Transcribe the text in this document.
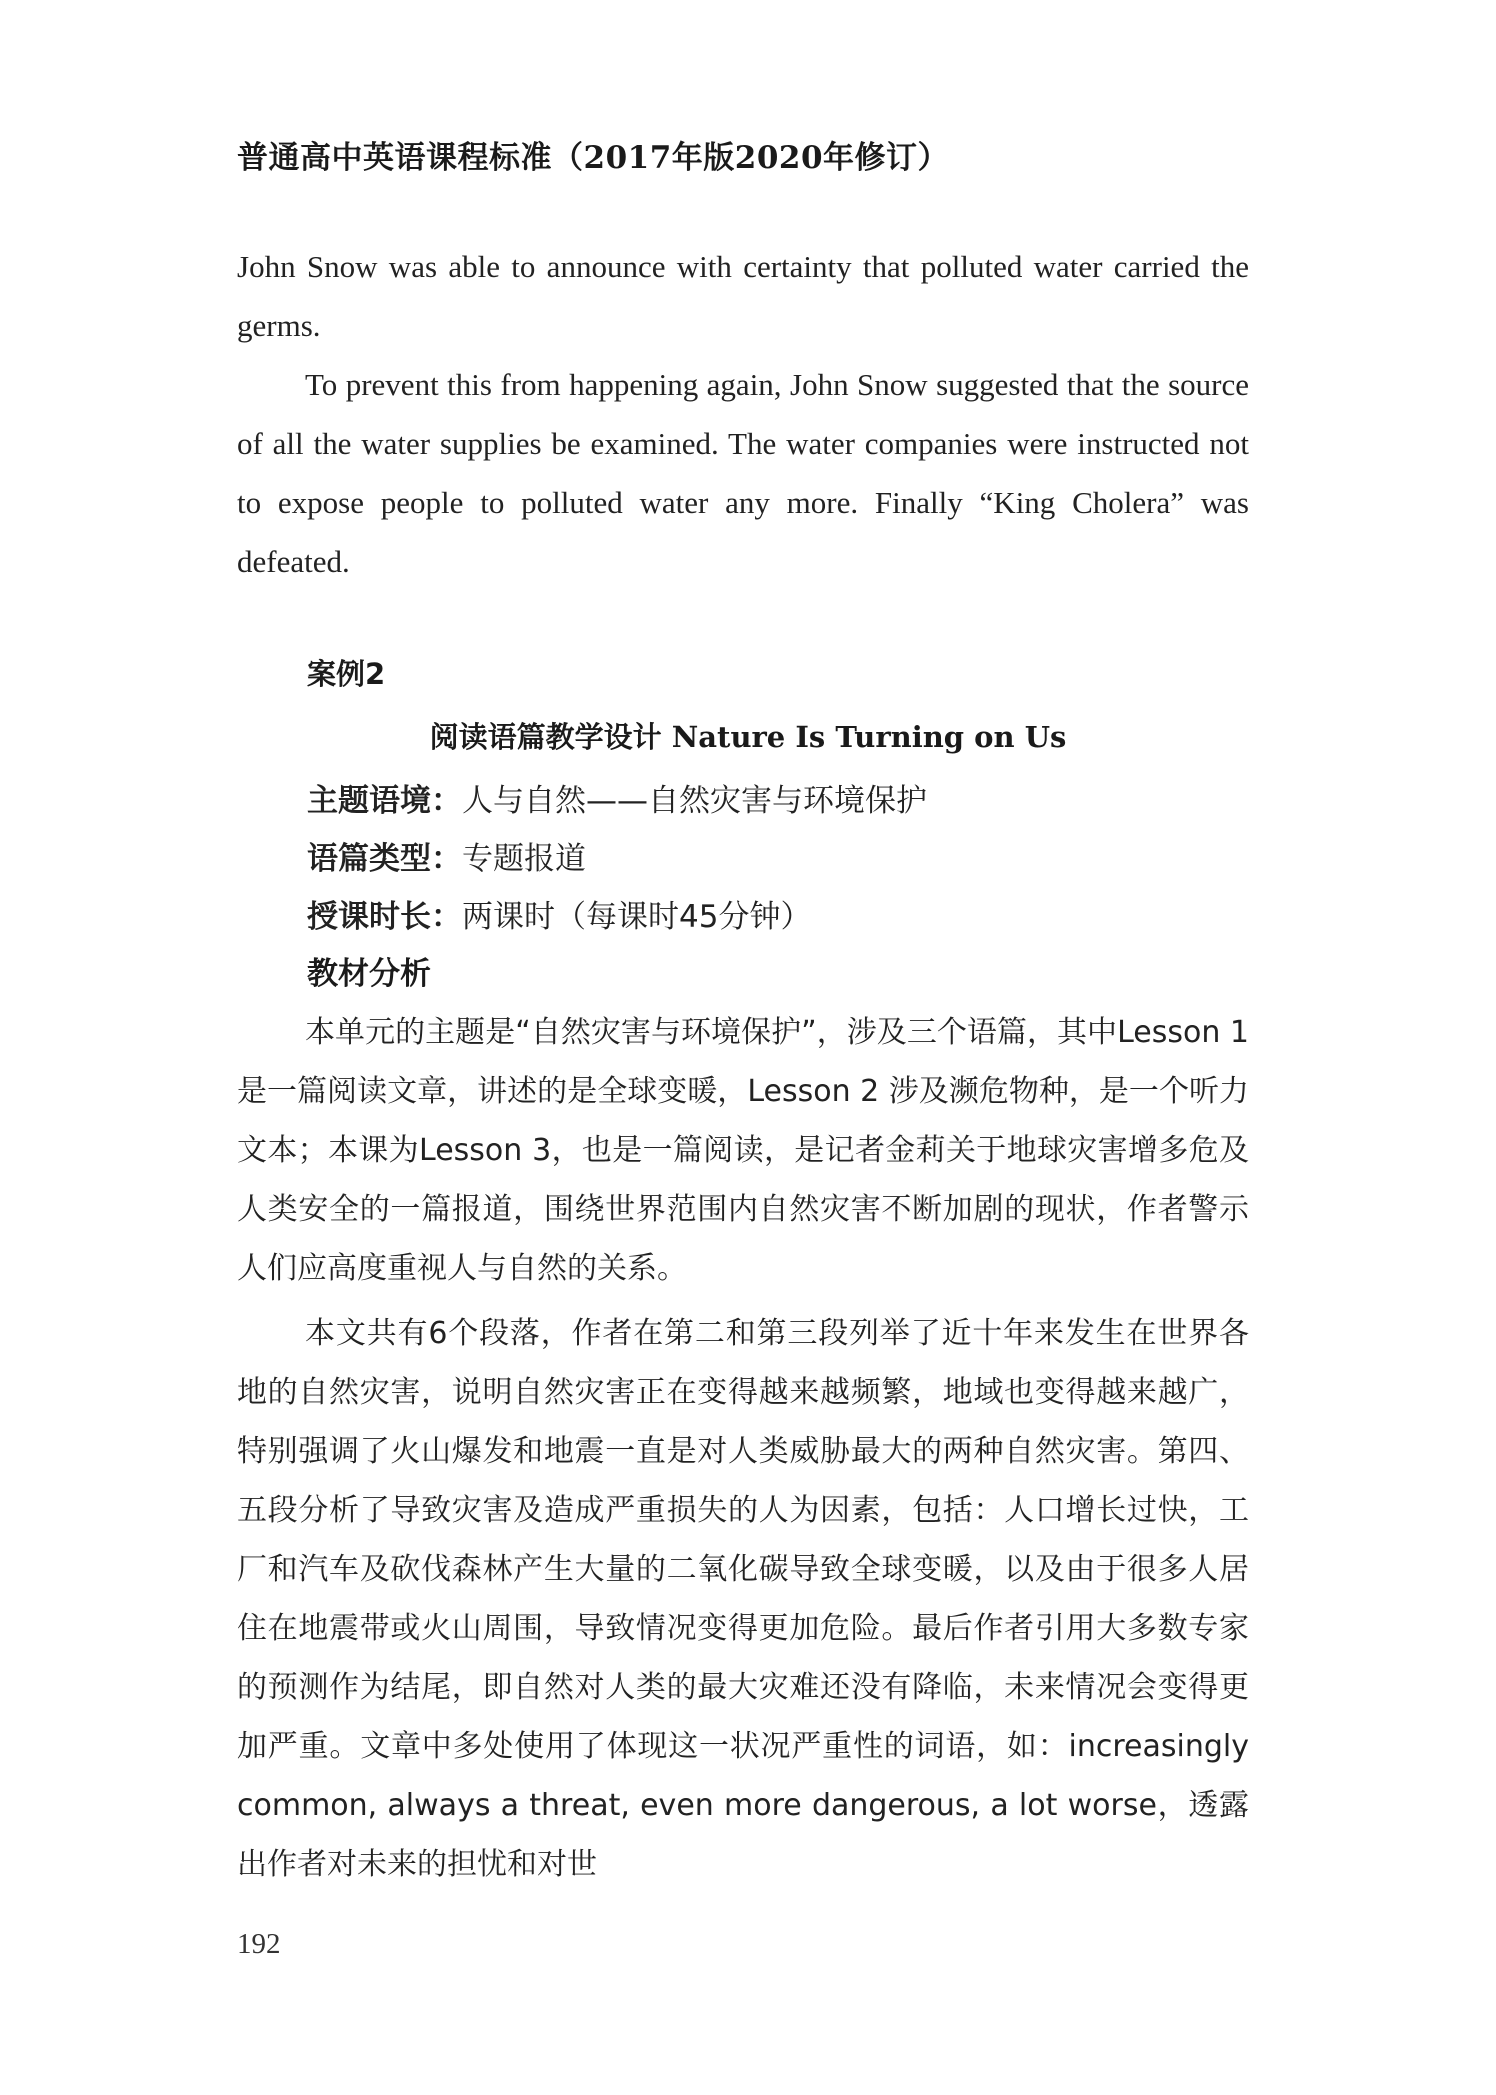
普通高中英语课程标准（2017年版2020年修订）

John Snow was able to announce with certainty that polluted water carried the germs.

To prevent this from happening again, John Snow suggested that the source of all the water supplies be examined. The water companies were instructed not to expose people to polluted water any more. Finally “King Cholera” was defeated.

案例2
阅读语篇教学设计 Nature Is Turning on Us
主题语境：人与自然——自然灾害与环境保护
语篇类型：专题报道
授课时长：两课时（每课时45分钟）
教材分析

本单元的主题是“自然灾害与环境保护”，涉及三个语篇，其中Lesson 1是一篇阅读文章，讲述的是全球变暖，Lesson 2 涉及濒危物种，是一个听力文本；本课为Lesson 3，也是一篇阅读，是记者金莉关于地球灾害增多危及人类安全的一篇报道，围绕世界范围内自然灾害不断加剧的现状，作者警示人们应高度重视人与自然的关系。

本文共有6个段落，作者在第二和第三段列举了近十年来发生在世界各地的自然灾害，说明自然灾害正在变得越来越频繁，地域也变得越来越广，特别强调了火山爆发和地震一直是对人类威胁最大的两种自然灾害。第四、五段分析了导致灾害及造成严重损失的人为因素，包括：人口增长过快，工厂和汽车及砍伐森林产生大量的二氧化碳导致全球变暖，以及由于很多人居住在地震带或火山周围，导致情况变得更加危险。最后作者引用大多数专家的预测作为结尾，即自然对人类的最大灾难还没有降临，未来情况会变得更加严重。文章中多处使用了体现这一状况严重性的词语，如：increasingly common, always a threat, even more dangerous, a lot worse，透露出作者对未来的担忧和对世

192
